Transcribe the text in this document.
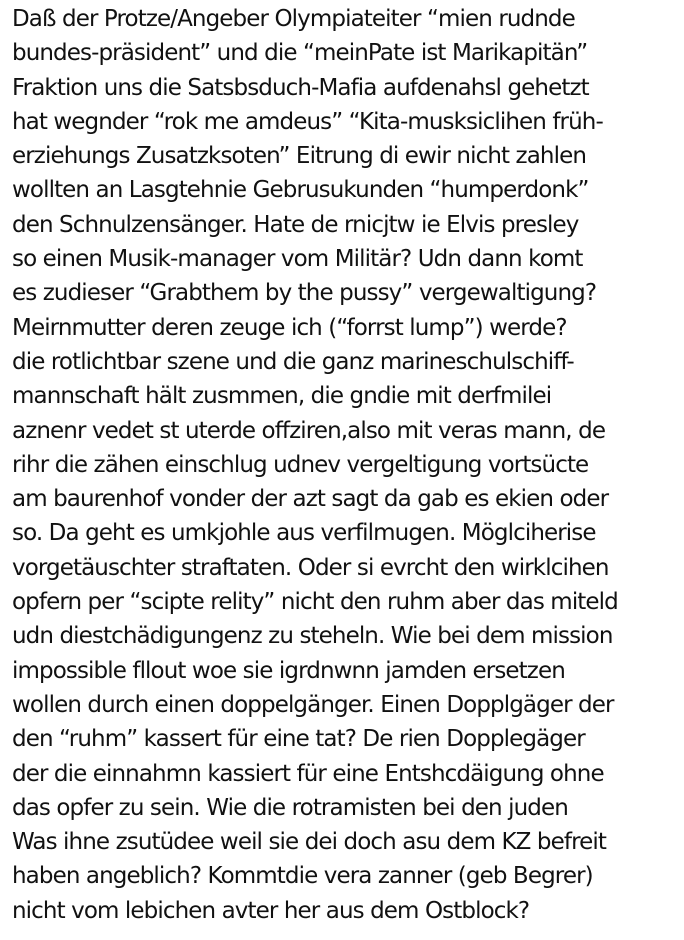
Daß der Protze/Angeber Olympiateiter “mien rudnde
bundes-präsident” und die “meinPate ist Marikapitän”
Fraktion uns die Satsbsduch-Mafia aufdenahsl gehetzt
hat wegnder “rok me amdeus” “Kita-musksiclihen früh-
erziehungs Zusatzksoten” Eitrung di ewir nicht zahlen
wollten an Lasgtehnie Gebrusukunden “humperdonk”
den Schnulzensänger. Hate de rnicjtw ie Elvis presley
so einen Musik-manager vom Militär? Udn dann komt
es zudieser “Grabthem by the pussy” vergewaltigung?
Meirnmutter deren zeuge ich (“forrst lump”) werde?
die rotlichtbar szene und die ganz marineschulschiff-
mannschaft hält zusmmen, die gndie mit derfmilei
aznenr vedet st uterde offziren,also mit veras mann, de
rihr die zähen einschlug udnev vergeltigung vortsücte
am baurenhof vonder der azt sagt da gab es ekien oder
so. Da geht es umkjohle aus verfilmugen. Möglciherise
vorgetäuschter straftaten. Oder si evrcht den wirklcihen
opfern per “scipte relity” nicht den ruhm aber das miteld
udn diestchädigungenz zu steheln. Wie bei dem mission
impossible fllout woe sie igrdnwnn jamden ersetzen
wollen durch einen doppelgänger. Einen Dopplgäger der
den “ruhm” kassert für eine tat? De rien Dopplegäger
der die einnahmn kassiert für eine Entshcdäigung ohne
das opfer zu sein. Wie die rotramisten bei den juden
Was ihne zsutüdee weil sie dei doch asu dem KZ befreit
haben angeblich? Kommtdie vera zanner (geb Begrer)
nicht vom lebichen avter her aus dem Ostblock?
